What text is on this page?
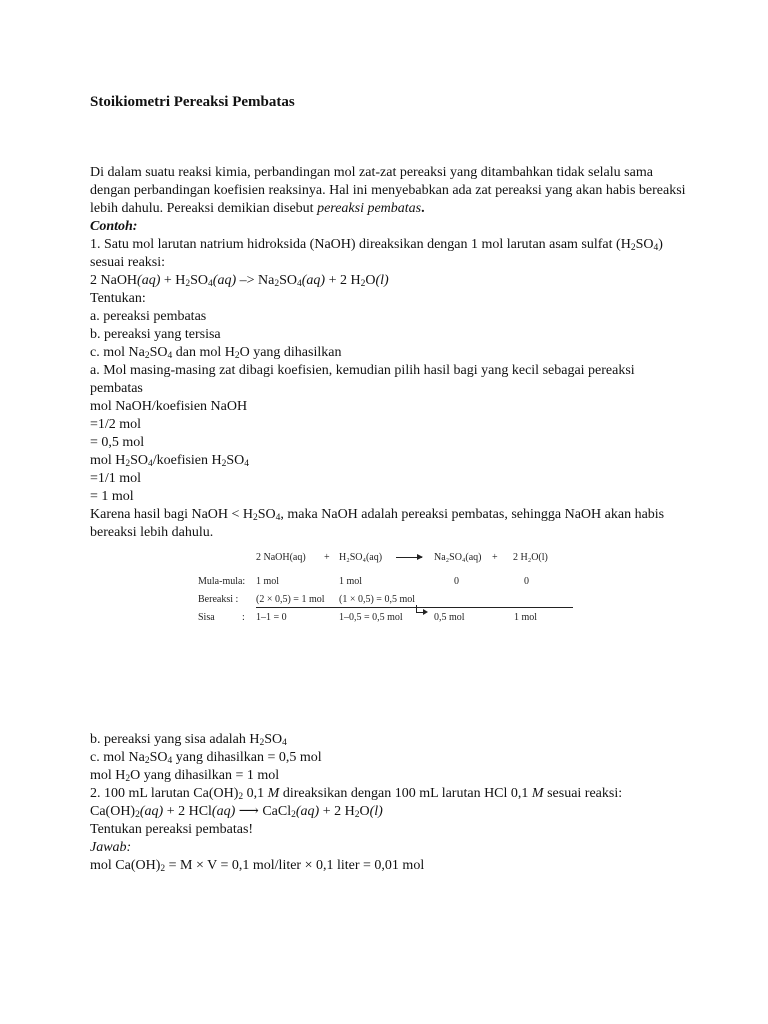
Stoikiometri Pereaksi Pembatas

Di dalam suatu reaksi kimia, perbandingan mol zat-zat pereaksi yang ditambahkan tidak selalu sama dengan perbandingan koefisien reaksinya. Hal ini menyebabkan ada zat pereaksi yang akan habis bereaksi lebih dahulu. Pereaksi demikian disebut pereaksi pembatas.

Contoh:

1. Satu mol larutan natrium hidroksida (NaOH) direaksikan dengan 1 mol larutan asam sulfat $(H_2SO_4)$ sesuai reaksi:

2 NaOH(aq) + $H_2SO_4(aq) -> Na_2SO_4(aq) + 2$ $H_2O(l)$

Tentukan:

a. pereaksi pembatas

b. pereaksi yang tersisa

c. mol $Na_2SO_4$ dan mol $H_2O$ yang dihasilkan

a. Mol masing-masing zat dibagi koefisien, kemudian pilih hasil bagi yang kecil sebagai pereaksi pembatas

mol NaOH/koefisien NaOH

=1/2 mol

= 0,5 mol

mol $H_2SO_4$/koefisien $H_2SO_4$

=1/1 mol

= 1 mol

Karena hasil bagi NaOH < $H_2SO_4$, maka NaOH adalah pereaksi pembatas, sehingga NaOH akan habis bereaksi lebih dahulu.

2 NaOH(aq) + H₂SO₄(aq) → Na₂SO₄(aq) + 2 H₂O(l)
Mula-mula: 1 mol	1 mol	0	0
Bereaksi : (2 × 0,5) = 1 mol (1 × 0,5) = 0,5 mol
Sisa	: 1–1 = 0	1–0,5 = 0,5 mol	0,5 mol	1 mol

b. pereaksi yang sisa adalah $H_2SO_4$

c. mol $Na_2SO_4$ yang dihasilkan = 0,5 mol

mol $H_2O$ yang dihasilkan = 1 mol

2. 100 mL larutan $Ca(OH)_2$ 0,1 M direaksikan dengan 100 mL larutan HCl 0,1 M sesuai reaksi:

$Ca(OH)_2(aq) + 2$ HCl(aq) ⟶ CaCl$_2$(aq) + 2 $H_2O(l)$

Tentukan pereaksi pembatas!

Jawab:

mol $Ca(OH)_2 = M \times V = 0,1$ mol/liter × 0,1 liter = 0,01 mol
